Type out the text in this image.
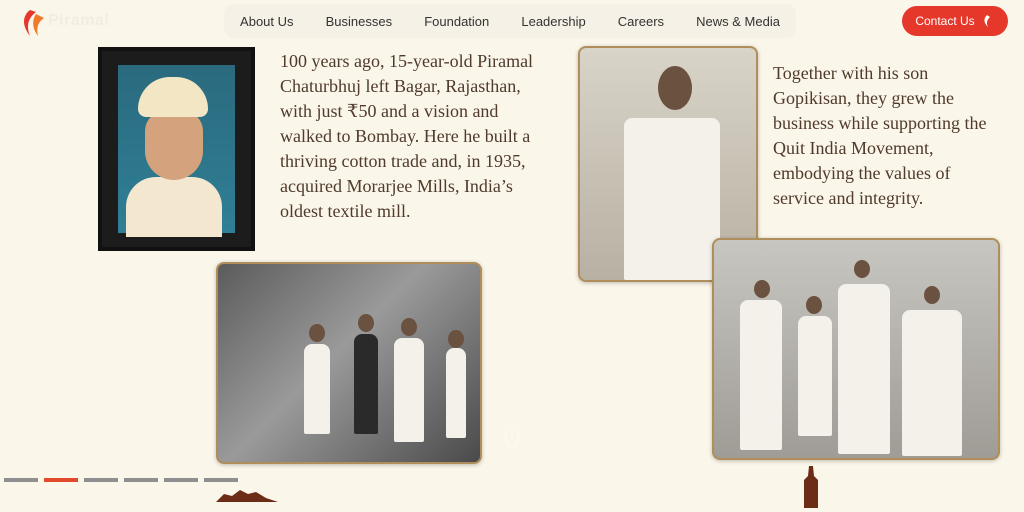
Piramal	About Us Businesses Foundation Leadership Careers News & Media	Contact Us
100 years ago, 15-year-old Piramal Chaturbhuj left Bagar, Rajasthan, with just ₹50 and a vision and walked to Bombay. Here he built a thriving cotton trade and, in 1935, acquired Morarjee Mills, India’s oldest textile mill.
Together with his son Gopikisan, they grew the business while supporting the Quit India Movement, embodying the values of service and integrity.
